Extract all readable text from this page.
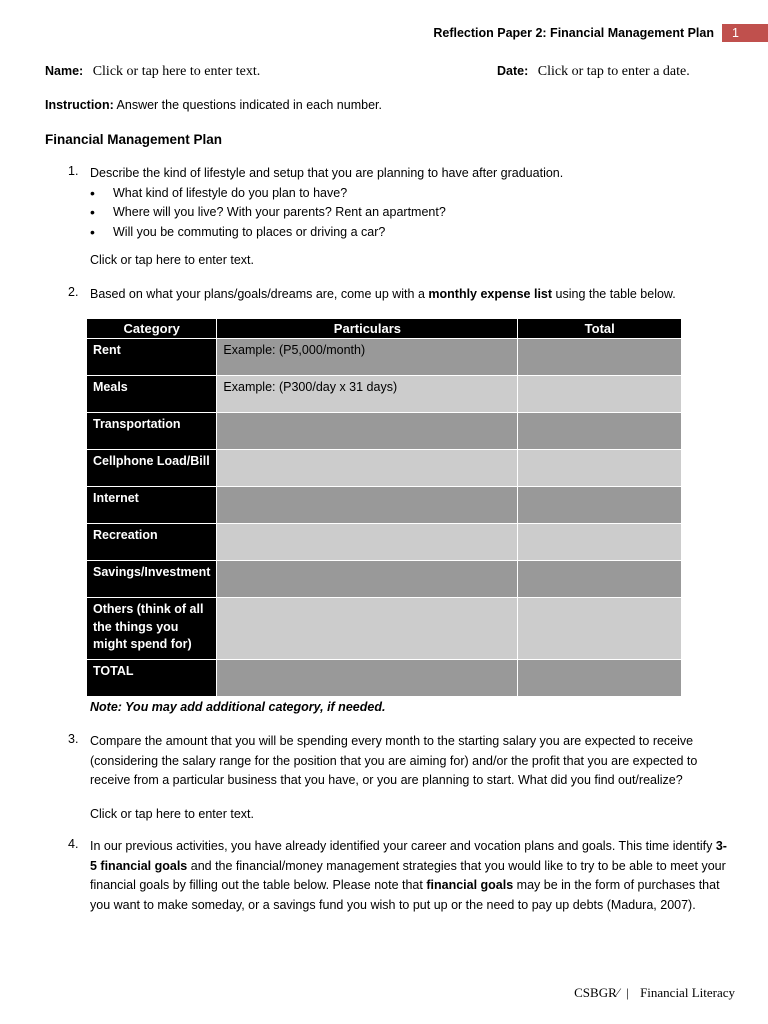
Reflection Paper 2: Financial Management Plan	1
Name: Click or tap here to enter text.	Date: Click or tap to enter a date.
Instruction: Answer the questions indicated in each number.
Financial Management Plan
1. Describe the kind of lifestyle and setup that you are planning to have after graduation.
• What kind of lifestyle do you plan to have?
• Where will you live? With your parents? Rent an apartment?
• Will you be commuting to places or driving a car?
Click or tap here to enter text.
2. Based on what your plans/goals/dreams are, come up with a monthly expense list using the table below.
Category	Particulars	Total
Rent	Example: (P5,000/month)	
Meals	Example: (P300/day x 31 days)	
Transportation		
Cellphone Load/Bill		
Internet		
Recreation		
Savings/Investment		
Others (think of all the things you might spend for)		
TOTAL		
Note: You may add additional category, if needed.
3. Compare the amount that you will be spending every month to the starting salary you are expected to receive (considering the salary range for the position that you are aiming for) and/or the profit that you are expected to receive from a particular business that you have, or you are planning to start. What did you find out/realize?
Click or tap here to enter text.
4. In our previous activities, you have already identified your career and vocation plans and goals. This time identify 3-5 financial goals and the financial/money management strategies that you would like to try to be able to meet your financial goals by filling out the table below. Please note that financial goals may be in the form of purchases that you want to make someday, or a savings fund you wish to put up or the need to pay up debts (Madura, 2007).
CSBGR⁄ | Financial Literacy
